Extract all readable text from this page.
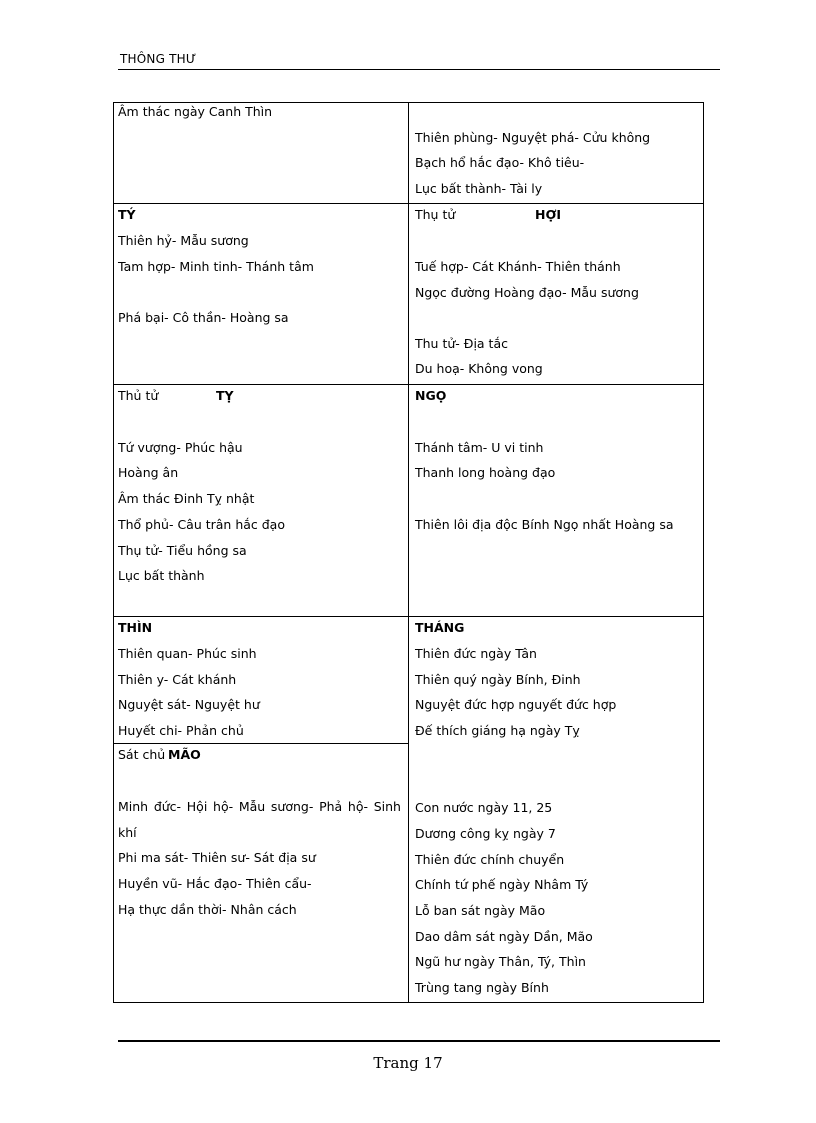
THÔNG THƯ
Âm thác ngày Canh Thìn
Thiên phùng- Nguyệt phá- Cửu không
Bạch hổ hắc đạo- Khô tiêu-
Lục bất thành- Tài ly
TÝ
Thiên hỷ- Mẫu sương
Tam hợp- Minh tinh- Thánh tâm
Phá bại- Cô thần- Hoàng sa
Thụ tử	HỢI
Tuế hợp- Cát Khánh- Thiên thánh
Ngọc đường Hoàng đạo- Mẫu sương
Thu tử- Địa tắc
Du hoạ- Không vong
Thủ tử	TỴ
Tứ vượng- Phúc hậu
Hoàng ân
Âm thác Đinh Tỵ nhật
Thổ phủ- Câu trân hắc đạo
Thụ tử- Tiểu hồng sa
Lục bất thành
NGỌ
Thánh tâm- U vi tinh
Thanh long hoàng đạo
Thiên lôi địa độc Bính Ngọ nhất Hoàng sa
THÌN
Thiên quan- Phúc sinh
Thiên y- Cát khánh
Nguyệt sát- Nguyệt hư
Huyết chi- Phản chủ
Sát chủ MÃO
Minh đức- Hội hộ- Mẫu sương- Phả hộ- Sinh
khí
Phi ma sát- Thiên sư- Sát địa sư
Huyền vũ- Hắc đạo- Thiên cẩu-
Hạ thực dần thời- Nhân cách
THÁNG
Thiên đức ngày Tân
Thiên quý ngày Bính, Đinh
Nguyệt đức hợp nguyết đức hợp
Đế thích giáng hạ ngày Tỵ
Con nước ngày 11, 25
Dương công kỵ ngày 7
Thiên đức chính chuyển
Chính tứ phế ngày Nhâm Tý
Lỗ ban sát ngày Mão
Dao dâm sát ngày Dần, Mão
Ngũ hư ngày Thân, Tý, Thìn
Trùng tang ngày Bính
Trang 17
